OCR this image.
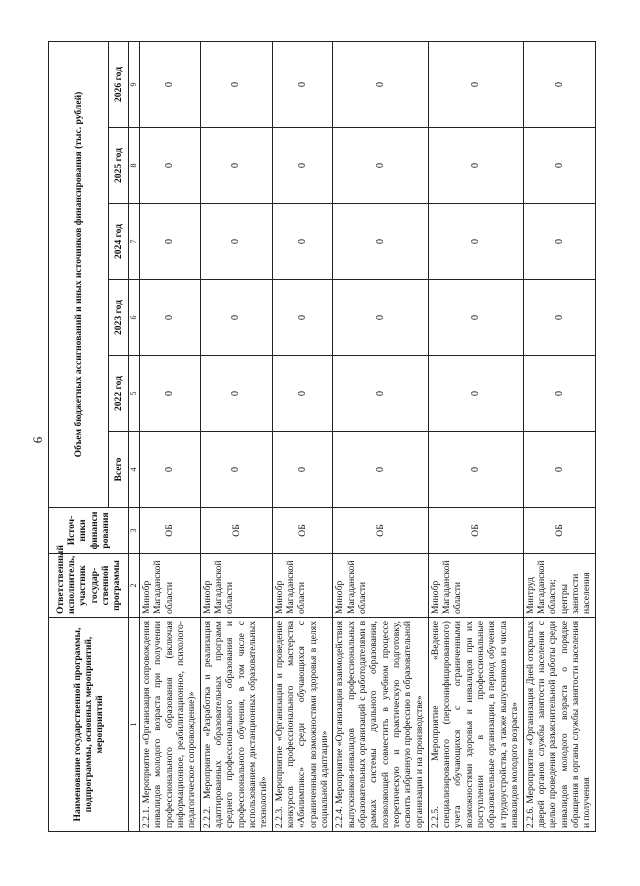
6
Наименование государственной программы, подпрограммы, основных мероприятий, мероприятий	Ответственный исполнитель, участник государ-ственной программы	Источ-ники финанси рования	Объем бюджетных ассигнований и иных источников финансирования (тыс. рублей)					
			Всего	2022 год	2023 год	2024 год	2025 год	2026 год
1	2	3	4	5	6	7	8	9
2.2.1. Мероприятие «Организация сопровождения инвалидов молодого возраста при получении профессионального образования (включая информационное, реабилитационное, психолого-педагогическое сопровождение)»	Минобр Магаданской области	ОБ	0	0	0	0	0	0
2.2.2. Мероприятие «Разработка и реализация адаптированных образовательных программ среднего профессионального образования и профессионального обучения, в том числе с использованием дистанционных образовательных технологий»	Минобр Магаданской области	ОБ	0	0	0	0	0	0
2.2.3. Мероприятие «Организация и проведение конкурсов профессионального мастерства «Абилимпикс» среди обучающихся с ограниченными возможностями здоровья в целях социальной адаптации»	Минобр Магаданской области	ОБ	0	0	0	0	0	0
2.2.4. Мероприятие «Организация взаимодействия выпускников-инвалидов профессиональных образовательных организаций с работодателями в рамках системы дуального образования, позволяющей совместить в учебном процессе теоретическую и практическую подготовку, освоить избранную профессию в образовательной организации и на производстве»	Минобр Магаданской области	ОБ	0	0	0	0	0	0
2.2.5. Мероприятие «Ведение специализированного (персонифицированного) учета обучающихся с ограниченными возможностями здоровья и инвалидов при их поступлении в профессиональные образовательные организации, в период обучения и трудоустройства, а также выпускников из числа инвалидов молодого возраста»	Минобр Магаданской области	ОБ	0	0	0	0	0	0
2.2.6. Мероприятие «Организация Дней открытых дверей органов службы занятости населения с целью проведения разъяснительной работы среди инвалидов молодого возраста о порядке обращения в органы службы занятости населения и получения	Минтруд Магаданской области; центры занятости населения	ОБ	0	0	0	0	0	0
